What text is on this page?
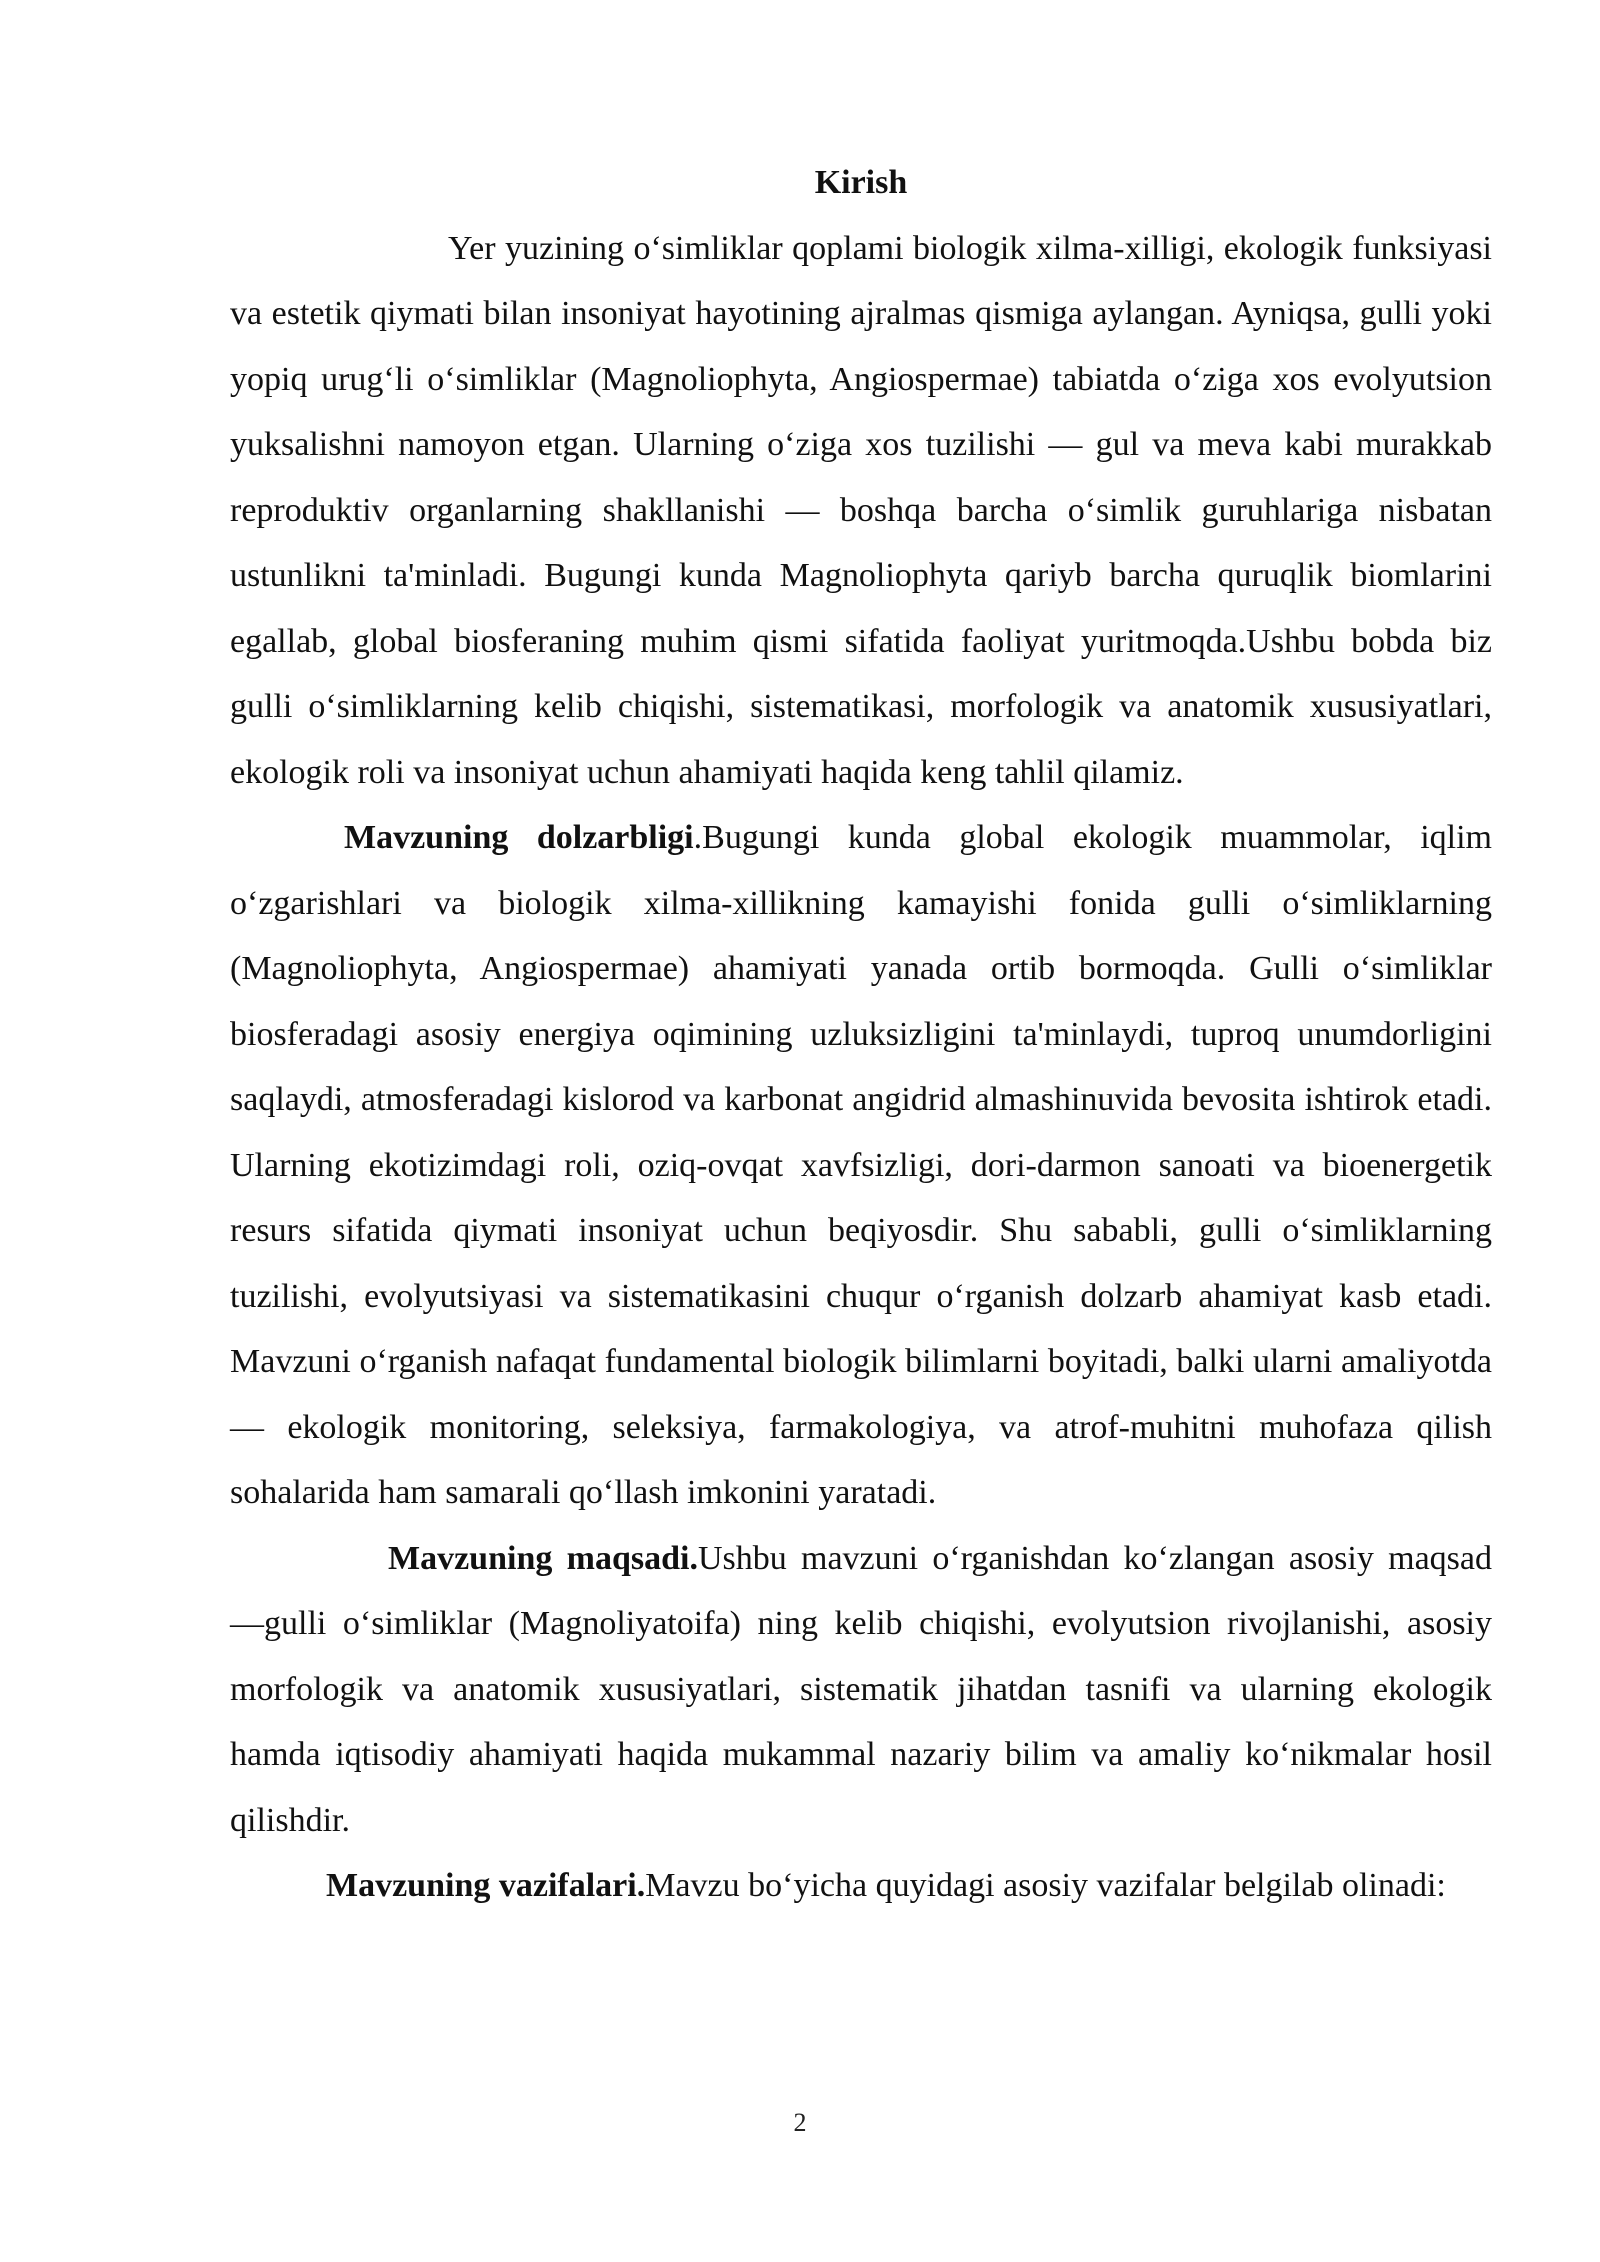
Kirish

Yer yuzining o‘simliklar qoplami biologik xilma-xilligi, ekologik funksiyasi va estetik qiymati bilan insoniyat hayotining ajralmas qismiga aylangan. Ayniqsa, gulli yoki yopiq urug‘li o‘simliklar (Magnoliophyta, Angiospermae) tabiatda o‘ziga xos evolyutsion yuksalishni namoyon etgan. Ularning o‘ziga xos tuzilishi — gul va meva kabi murakkab reproduktiv organlarning shakllanishi — boshqa barcha o‘simlik guruhlariga nisbatan ustunlikni ta'minladi. Bugungi kunda Magnoliophyta qariyb barcha quruqlik biomlarini egallab, global biosferaning muhim qismi sifatida faoliyat yuritmoqda.Ushbu bobda biz gulli o‘simliklarning kelib chiqishi, sistematikasi, morfologik va anatomik xususiyatlari, ekologik roli va insoniyat uchun ahamiyati haqida keng tahlil qilamiz.

Mavzuning dolzarbligi.Bugungi kunda global ekologik muammolar, iqlim o‘zgarishlari va biologik xilma-xillikning kamayishi fonida gulli o‘simliklarning (Magnoliophyta, Angiospermae) ahamiyati yanada ortib bormoqda. Gulli o‘simliklar biosferadagi asosiy energiya oqimining uzluksizligini ta'minlaydi, tuproq unumdorligini saqlaydi, atmosferadagi kislorod va karbonat angidrid almashinuvida bevosita ishtirok etadi. Ularning ekotizimdagi roli, oziq-ovqat xavfsizligi, dori-darmon sanoati va bioenergetik resurs sifatida qiymati insoniyat uchun beqiyosdir. Shu sababli, gulli o‘simliklarning tuzilishi, evolyutsiyasi va sistematikasini chuqur o‘rganish dolzarb ahamiyat kasb etadi. Mavzuni o‘rganish nafaqat fundamental biologik bilimlarni boyitadi, balki ularni amaliyotda — ekologik monitoring, seleksiya, farmakologiya, va atrof-muhitni muhofaza qilish sohalarida ham samarali qo‘llash imkonini yaratadi.

Mavzuning maqsadi.Ushbu mavzuni o‘rganishdan ko‘zlangan asosiy maqsad —gulli o‘simliklar (Magnoliyatoifa) ning kelib chiqishi, evolyutsion rivojlanishi, asosiy morfologik va anatomik xususiyatlari, sistematik jihatdan tasnifi va ularning ekologik hamda iqtisodiy ahamiyati haqida mukammal nazariy bilim va amaliy ko‘nikmalar hosil qilishdir.

Mavzuning vazifalari.Mavzu bo‘yicha quyidagi asosiy vazifalar belgilab olinadi:

2
